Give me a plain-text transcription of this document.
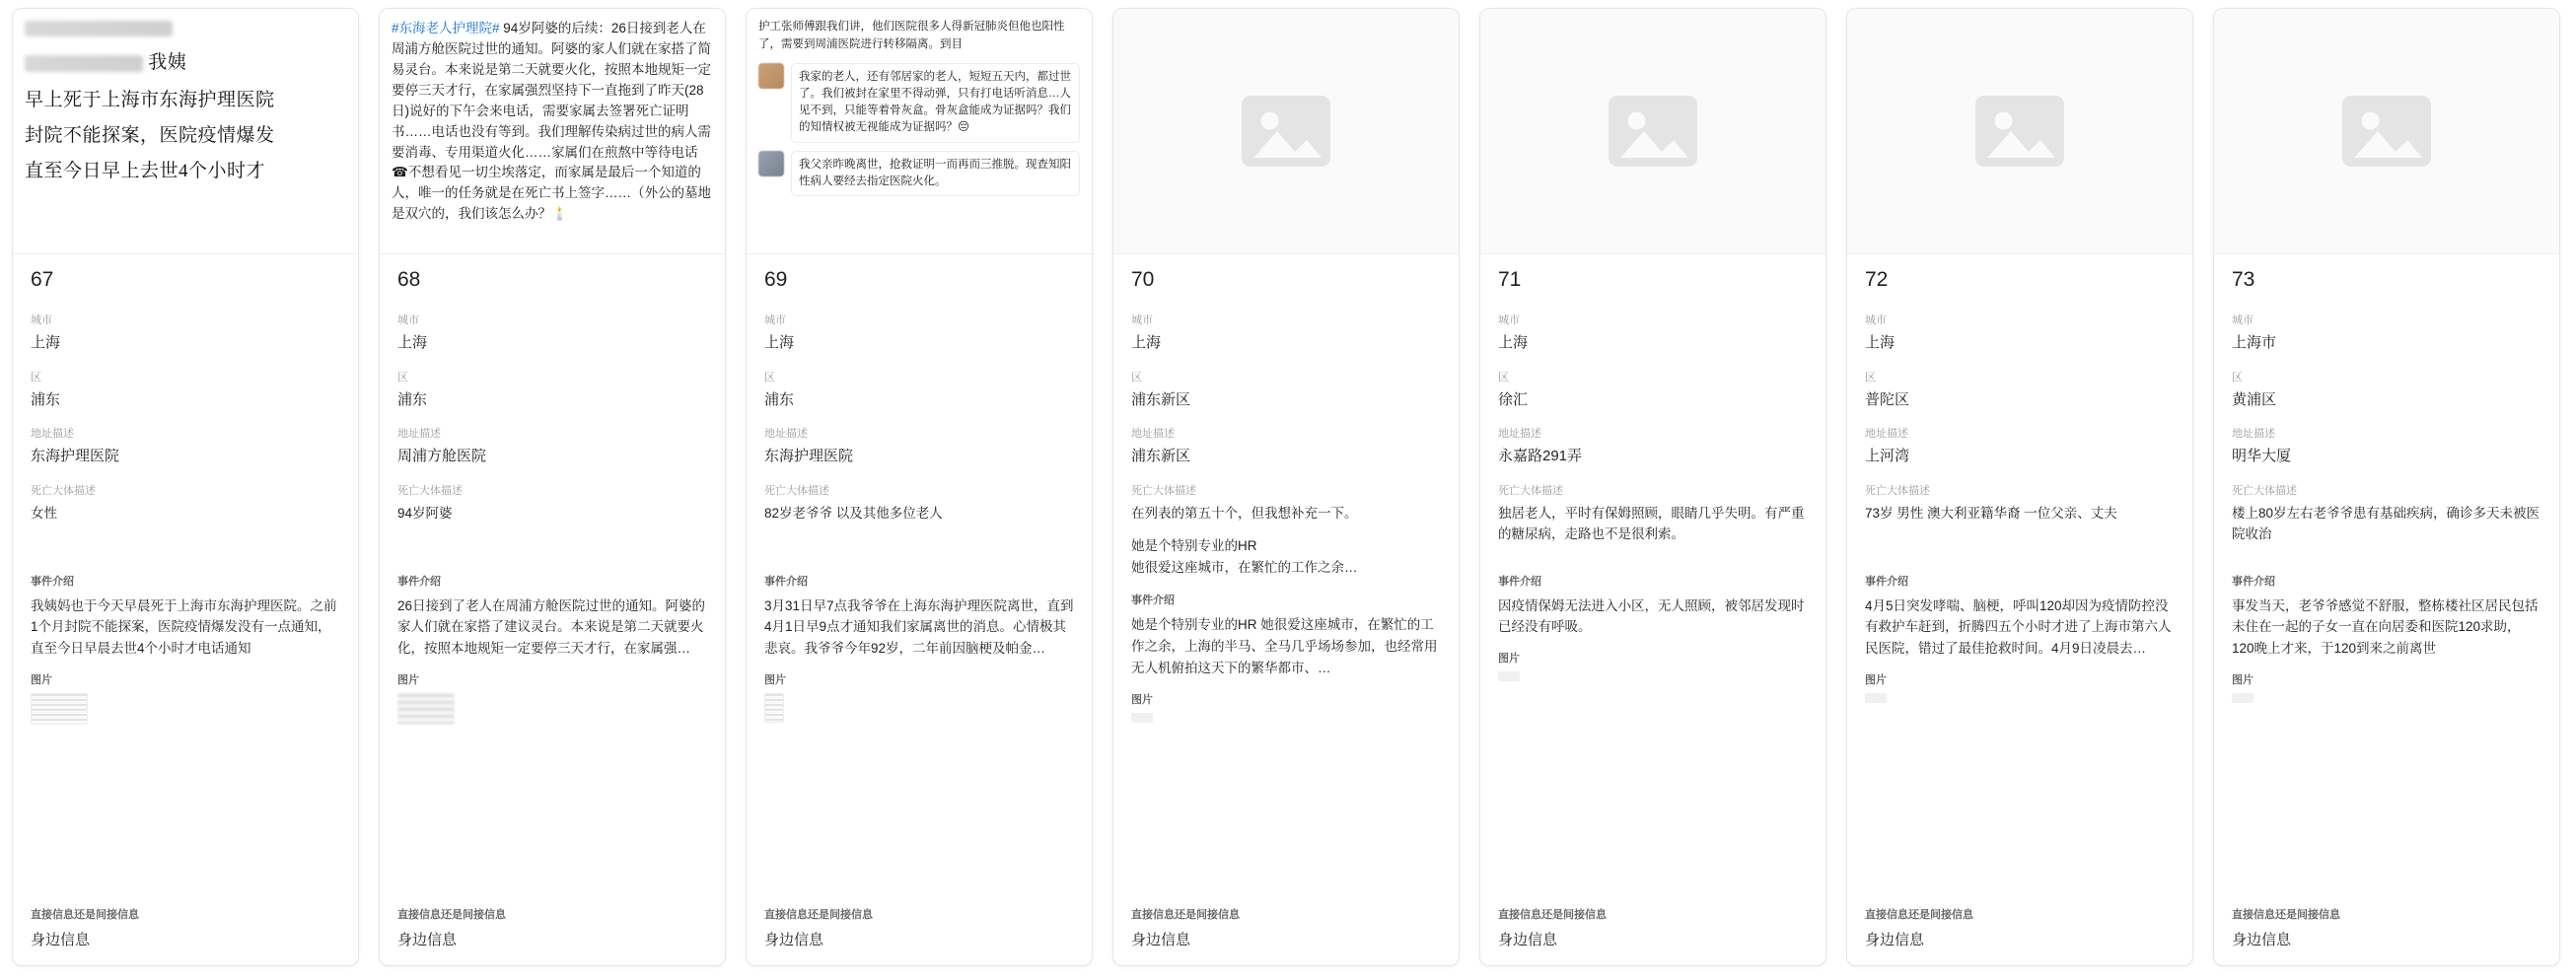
我姨
早上死于上海市东海护理医院
封院不能探案，医院疫情爆发
直至今日早上去世4个小时才
67
城市
上海
区
浦东
地址描述
东海护理医院
死亡大体描述
女性
事件介绍
我姨妈也于今天早晨死于上海市东海护理医院。之前1个月封院不能探案，医院疫情爆发没有一点通知，直至今日早晨去世4个小时才电话通知
图片
直接信息还是间接信息
身边信息
#东海老人护理院# 94岁阿婆的后续：26日接到老人在周浦方舱医院过世的通知。阿婆的家人们就在家搭了简易灵台。本来说是第二天就要火化，按照本地规矩一定要停三天才行，在家属强烈坚持下一直拖到了昨天(28日)说好的下午会来电话，需要家属去签署死亡证明书……电话也没有等到。我们理解传染病过世的病人需要消毒、专用渠道火化……家属们在煎熬中等待电话☎不想看见一切尘埃落定，而家属是最后一个知道的人，唯一的任务就是在死亡书上签字……（外公的墓地是双穴的，我们该怎么办？🕯️
68
城市
上海
区
浦东
地址描述
周浦方舱医院
死亡大体描述
94岁阿婆
事件介绍
26日接到了老人在周浦方舱医院过世的通知。阿婆的家人们就在家搭了建议灵台。本来说是第二天就要火化，按照本地规矩一定要停三天才行，在家属强…
图片
直接信息还是间接信息
身边信息
护工张师傅跟我们讲，他们医院很多人得新冠肺炎但他也阳性了，需要到周浦医院进行转移隔离。到目
我家的老人，还有邻居家的老人，短短五天内，都过世了。我们被封在家里不得动弹，只有打电话听消息…人见不到，只能等着骨灰盒。骨灰盒能成为证据吗？我们的知情权被无视能成为证据吗？😔
我父亲昨晚离世，抢救证明一而再而三推脱。现查知阳性病人要经去指定医院火化。
69
城市
上海
区
浦东
地址描述
东海护理医院
死亡大体描述
82岁老爷爷 以及其他多位老人
事件介绍
3月31日早7点我爷爷在上海东海护理医院离世，直到4月1日早9点才通知我们家属离世的消息。心情极其悲哀。我爷爷今年92岁，二年前因脑梗及帕金…
图片
直接信息还是间接信息
身边信息
70
城市
上海
区
浦东新区
地址描述
浦东新区
死亡大体描述
在列表的第五十个，但我想补充一下。
她是个特别专业的HR
她很爱这座城市，在繁忙的工作之余…
事件介绍
她是个特别专业的HR 她很爱这座城市，在繁忙的工作之余，上海的半马、全马几乎场场参加，也经常用无人机俯拍这天下的繁华都市、…
图片
直接信息还是间接信息
身边信息
71
城市
上海
区
徐汇
地址描述
永嘉路291弄
死亡大体描述
独居老人，平时有保姆照顾，眼睛几乎失明。有严重的糖尿病，走路也不是很利索。
事件介绍
因疫情保姆无法进入小区，无人照顾，被邻居发现时已经没有呼吸。
图片
直接信息还是间接信息
身边信息
72
城市
上海
区
普陀区
地址描述
上河湾
死亡大体描述
73岁 男性 澳大利亚籍华裔 一位父亲、丈夫
事件介绍
4月5日突发哮喘、脑梗，呼叫120却因为疫情防控没有救护车赶到，折腾四五个小时才进了上海市第六人民医院，错过了最佳抢救时间。4月9日凌晨去…
图片
直接信息还是间接信息
身边信息
73
城市
上海市
区
黄浦区
地址描述
明华大厦
死亡大体描述
楼上80岁左右老爷爷患有基础疾病，确诊多天未被医院收治
事件介绍
事发当天，老爷爷感觉不舒服，整栋楼社区居民包括未住在一起的子女一直在向居委和医院120求助，120晚上才来，于120到来之前离世
图片
直接信息还是间接信息
身边信息
